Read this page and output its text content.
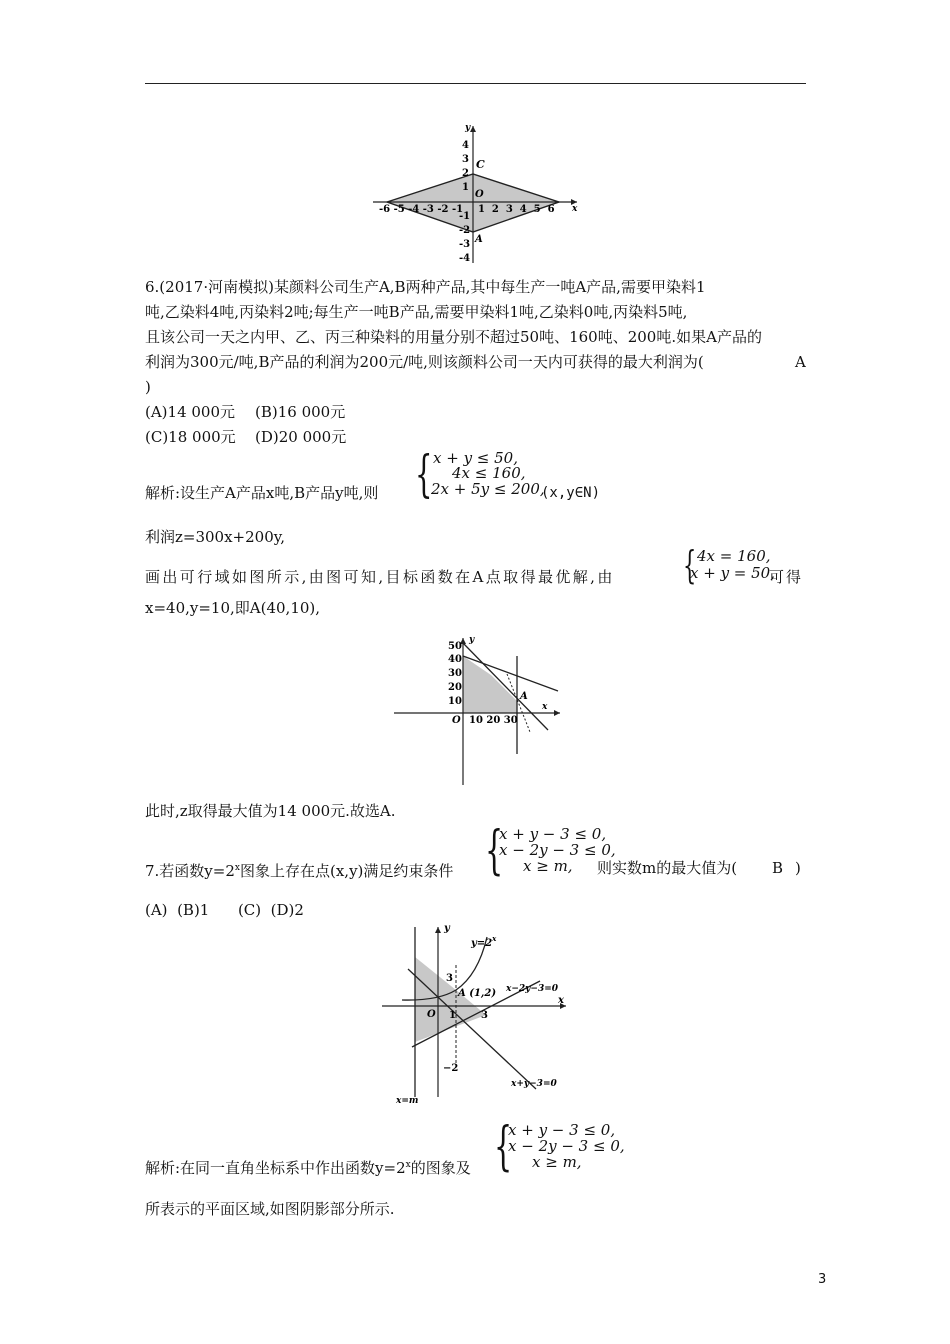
y
x
4
3
2
1
-1
-2
-3
-4
-6 -5 -4 -3 -2 -1 1  2  3  4  5  6
C
O
A
6.(2017·河南模拟)某颜料公司生产A,B两种产品,其中每生产一吨A产品,需要甲染料1
吨,乙染料4吨,丙染料2吨;每生产一吨B产品,需要甲染料1吨,乙染料0吨,丙染料5吨,
且该公司一天之内甲、乙、丙三种染料的用量分别不超过50吨、160吨、200吨.如果A产品的
利润为300元/吨,B产品的利润为200元/吨,则该颜料公司一天内可获得的最大利润为(	A
)
(A)14 000元 (B)16 000元
(C)18 000元 (D)20 000元
解析:设生产A产品x吨,B产品y吨,则 { x + y ≤ 50,
4x ≤ 160,
2x + 5y ≤ 200,
(x,y∈N)
利润z=300x+200y,
画出可行域如图所示,由图可知,目标函数在A点取得最优解,由 { 4x = 160,
x + y = 50,
可得
x=40,y=10,即A(40,10),
y
x
50
40
30
20
10
O 10 20 30
A
此时,z取得最大值为14 000元.故选A.
7.若函数$y=2^x$图象上存在点(x,y)满足约束条件 {
x + y − 3 ≤ 0,
x − 2y − 3 ≤ 0,
x ≥ m, 则实数m的最大值为( B )
(A)  (B)1      (C)  (D)2
$y=2^x$
y
x
O
3
1	3
−2
A (1,2) x−2y−3=0
x+y−3=0
x=m
解析:在同一直角坐标系中作出函数$y=2^x$的图象及 {
x + y − 3 ≤ 0,
x − 2y − 3 ≤ 0,
x ≥ m,
所表示的平面区域,如图阴影部分所示.
3
